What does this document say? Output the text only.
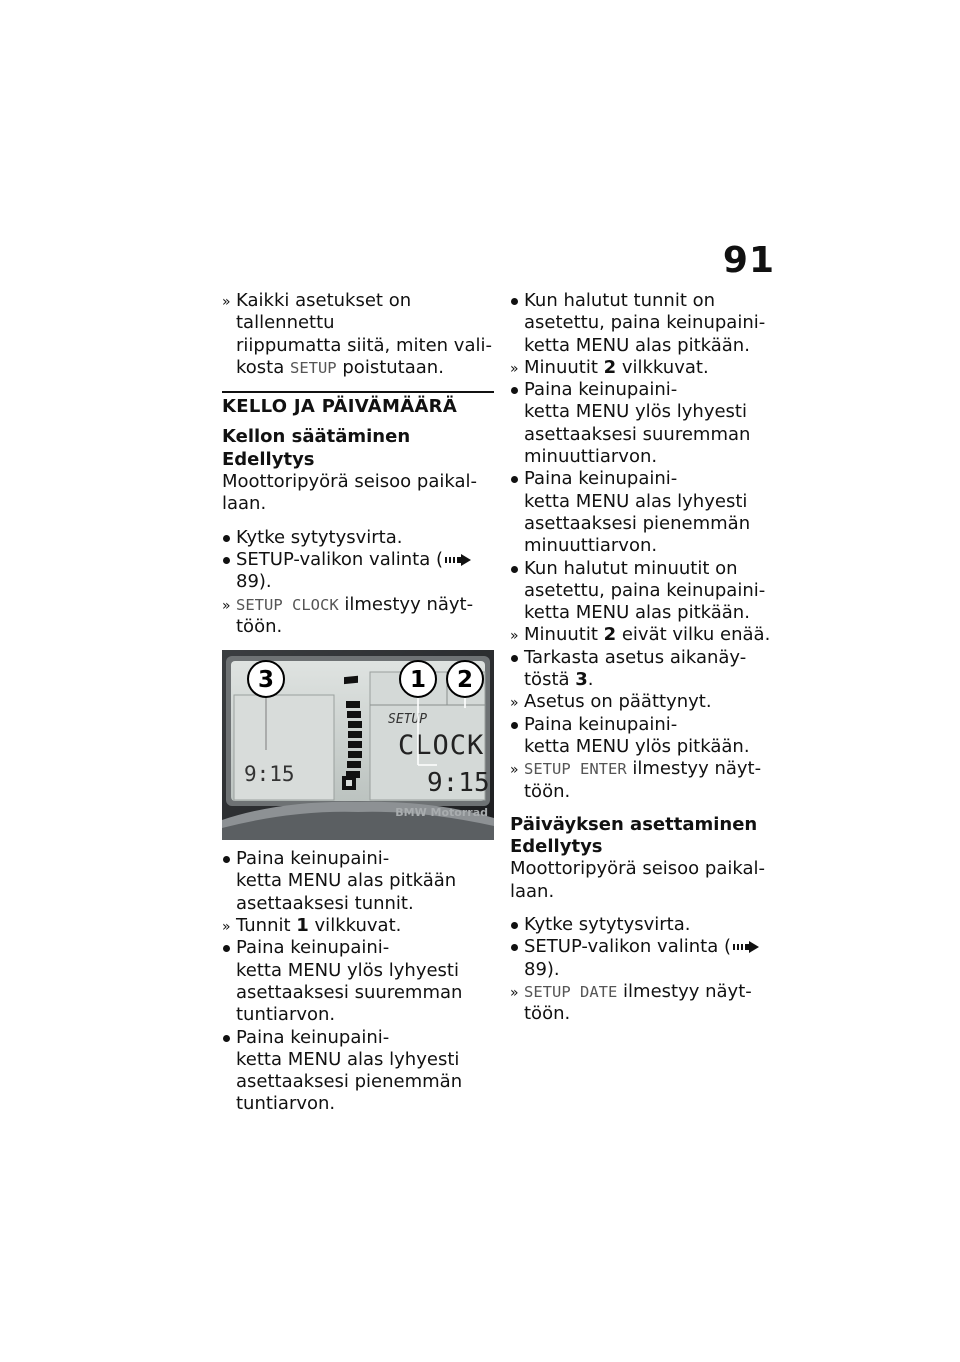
91
» Kaikki asetukset on tallennettu
riippumatta siitä, miten vali-
kosta SETUP poistutaan.
KELLO JA PÄIVÄMÄÄRÄ
Kellon säätäminen
Edellytys
Moottoripyörä seisoo paikal-
laan.
Kytke sytytysvirta.
SETUP-valikon valinta (89).
» SETUP CLOCK ilmestyy näyt-
töön.
SETUP
CLOCK
9:15
9:15
3	1 2
BMW Motorrad
Paina keinupaini-
ketta MENU alas pitkään
asettaaksesi tunnit.
» Tunnit 1 vilkkuvat.
Paina keinupaini-
ketta MENU ylös lyhyesti
asettaaksesi suuremman
tuntiarvon.
Paina keinupaini-
ketta MENU alas lyhyesti
asettaaksesi pienemmän
tuntiarvon.
Kun halutut tunnit on
asetettu, paina keinupaini-
ketta MENU alas pitkään.
» Minuutit 2 vilkkuvat.
Paina keinupaini-
ketta MENU ylös lyhyesti
asettaaksesi suuremman
minuuttiarvon.
Paina keinupaini-
ketta MENU alas lyhyesti
asettaaksesi pienemmän
minuuttiarvon.
Kun halutut minuutit on
asetettu, paina keinupaini-
ketta MENU alas pitkään.
» Minuutit 2 eivät vilku enää.
Tarkasta asetus aikanäy-
töstä 3.
» Asetus on päättynyt.
Paina keinupaini-
ketta MENU ylös pitkään.
» SETUP ENTER ilmestyy näyt-
töön.
Päiväyksen asettaminen
Edellytys
Moottoripyörä seisoo paikal-
laan.
Kytke sytytysvirta.
SETUP-valikon valinta (89).
» SETUP DATE ilmestyy näyt-
töön.
